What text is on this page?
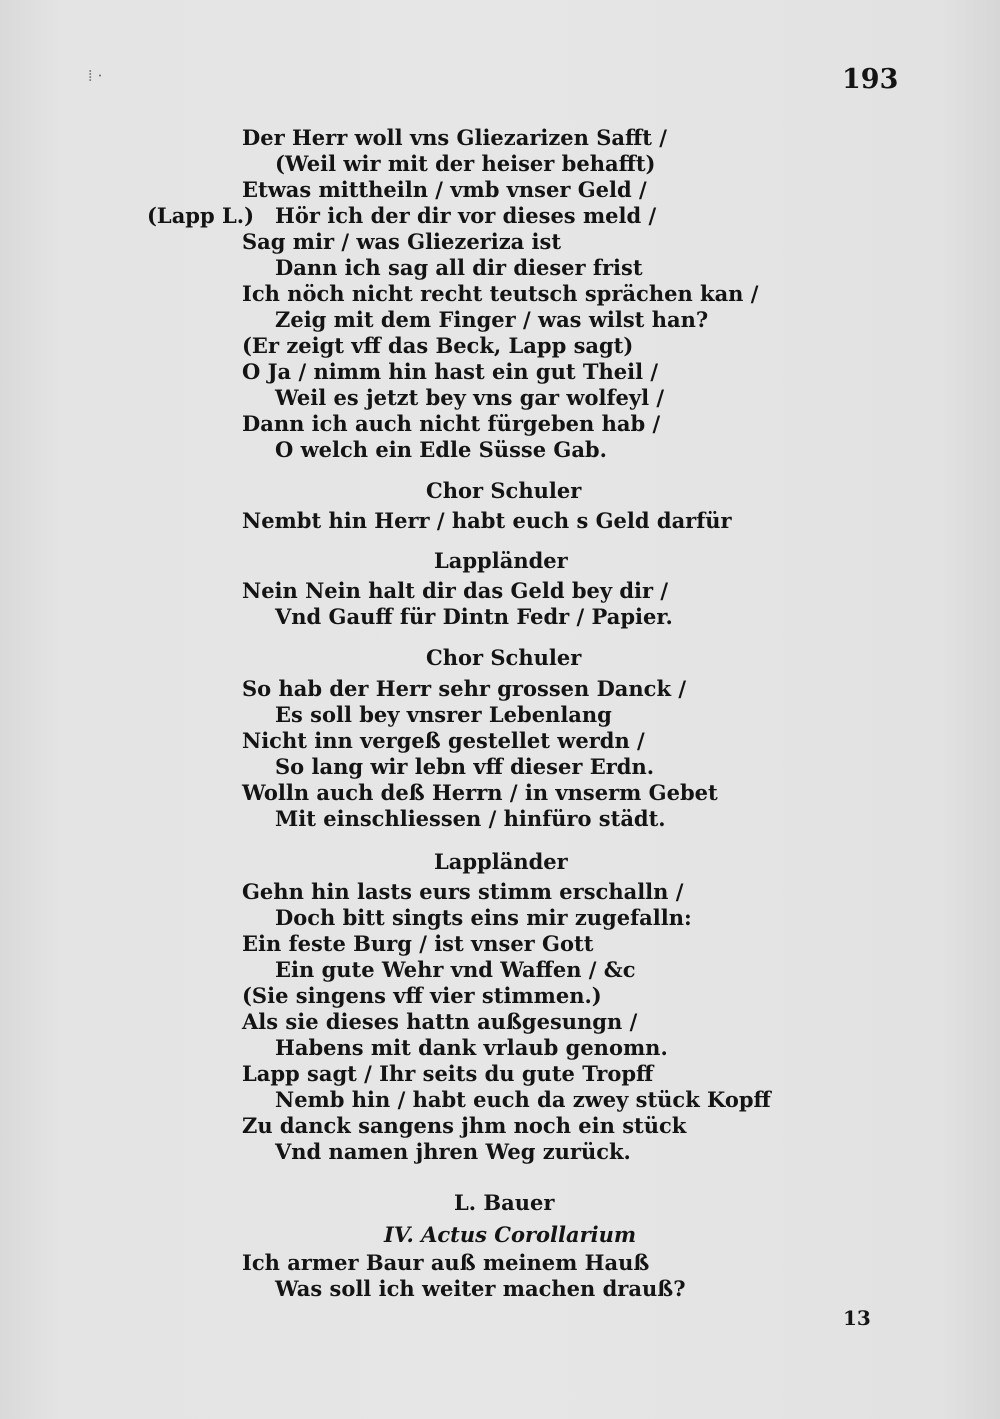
⁞ ·	193
(Lapp L.)
Der Herr woll vns Gliezarizen Safft /
(Weil wir mit der heiser behafft)
Etwas mittheiln / vmb vnser Geld /
Hör ich der dir vor dieses meld /
Sag mir / was Gliezeriza ist
Dann ich sag all dir dieser frist
Ich nöch nicht recht teutsch sprächen kan /
Zeig mit dem Finger / was wilst han?
(Er zeigt vff das Beck, Lapp sagt)
O Ja / nimm hin hast ein gut Theil /
Weil es jetzt bey vns gar wolfeyl /
Dann ich auch nicht fürgeben hab /
O welch ein Edle Süsse Gab.
Chor Schuler
Nembt hin Herr / habt euch s Geld darfür
Lappländer
Nein Nein halt dir das Geld bey dir /
Vnd Gauff für Dintn Fedr / Papier.
Chor Schuler
So hab der Herr sehr grossen Danck /
Es soll bey vnsrer Lebenlang
Nicht inn vergeß gestellet werdn /
So lang wir lebn vff dieser Erdn.
Wolln auch deß Herrn / in vnserm Gebet
Mit einschliessen / hinfüro städt.
Lappländer
Gehn hin lasts eurs stimm erschalln /
Doch bitt singts eins mir zugefalln:
Ein feste Burg / ist vnser Gott
Ein gute Wehr vnd Waffen / &c
(Sie singens vff vier stimmen.)
Als sie dieses hattn außgesungn /
Habens mit dank vrlaub genomn.
Lapp sagt / Ihr seits du gute Tropff
Nemb hin / habt euch da zwey stück Kopff
Zu danck sangens jhm noch ein stück
Vnd namen jhren Weg zurück.
L. Bauer
IV. Actus Corollarium
Ich armer Baur auß meinem Hauß
Was soll ich weiter machen drauß?
13
